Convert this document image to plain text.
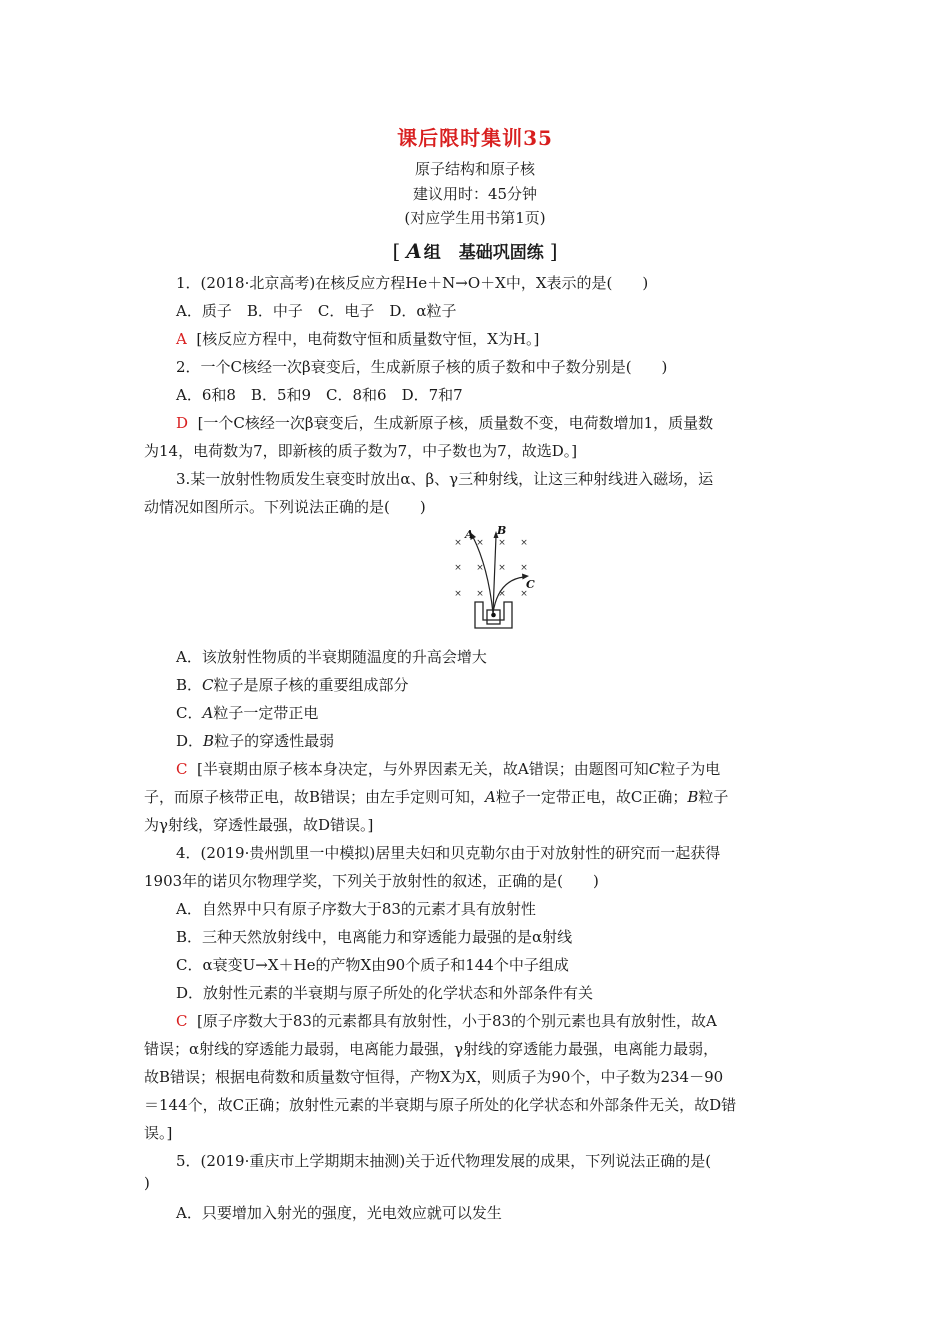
课后限时集训35
原子结构和原子核
建议用时：45分钟
(对应学生用书第1页)
[ A 组 基础巩固练 ]
1．(2018·北京高考)在核反应方程He＋N→O＋X中，X表示的是(　　)
A．质子　B．中子　C．电子　D．α粒子
A [核反应方程中，电荷数守恒和质量数守恒，X为H。]
2．一个C核经一次β衰变后，生成新原子核的质子数和中子数分别是(　　)
A．6和8　B．5和9　C．8和6　D．7和7
D [一个C核经一次β衰变后，生成新原子核，质量数不变，电荷数增加1，质量数
为14，电荷数为7，即新核的质子数为7，中子数也为7，故选D。]
3.某一放射性物质发生衰变时放出α、β、γ三种射线，让这三种射线进入磁场，运
动情况如图所示。下列说法正确的是(　　)
× × × ×
× × × ×
× × × ×
A B
C
A．该放射性物质的半衰期随温度的升高会增大
B．C粒子是原子核的重要组成部分
C．A粒子一定带正电
D．B粒子的穿透性最弱
C [半衰期由原子核本身决定，与外界因素无关，故A错误；由题图可知C粒子为电
子，而原子核带正电，故B错误；由左手定则可知，A粒子一定带正电，故C正确；B粒子
为γ射线，穿透性最强，故D错误。]
4．(2019·贵州凯里一中模拟)居里夫妇和贝克勒尔由于对放射性的研究而一起获得
1903年的诺贝尔物理学奖，下列关于放射性的叙述，正确的是(　　)
A．自然界中只有原子序数大于83的元素才具有放射性
B．三种天然放射线中，电离能力和穿透能力最强的是α射线
C．α衰变U→X＋He的产物X由90个质子和144个中子组成
D．放射性元素的半衰期与原子所处的化学状态和外部条件有关
C [原子序数大于83的元素都具有放射性，小于83的个别元素也具有放射性，故A
错误；α射线的穿透能力最弱，电离能力最强，γ射线的穿透能力最强，电离能力最弱，
故B错误；根据电荷数和质量数守恒得，产物X为X，则质子为90个，中子数为234－90
＝144个，故C正确；放射性元素的半衰期与原子所处的化学状态和外部条件无关，故D错
误。]
5．(2019·重庆市上学期期末抽测)关于近代物理发展的成果，下列说法正确的是(
)
A．只要增加入射光的强度，光电效应就可以发生
